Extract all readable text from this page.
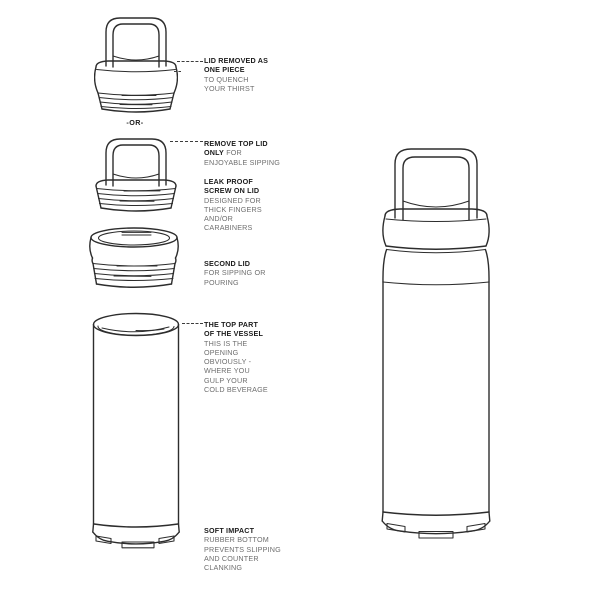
LID REMOVED AS
ONE PIECE
TO QUENCH
YOUR THIRST
-OR-
REMOVE TOP LID
ONLY FOR
ENJOYABLE SIPPING
LEAK PROOF
SCREW ON LID
DESIGNED FOR
THICK FINGERS
AND/OR
CARABINERS
SECOND LID
FOR SIPPING OR
POURING
THE TOP PART
OF THE VESSEL
THIS IS THE
OPENING
OBVIOUSLY -
WHERE YOU
GULP YOUR
COLD BEVERAGE
SOFT IMPACT
RUBBER BOTTOM
PREVENTS SLIPPING
AND COUNTER
CLANKING
